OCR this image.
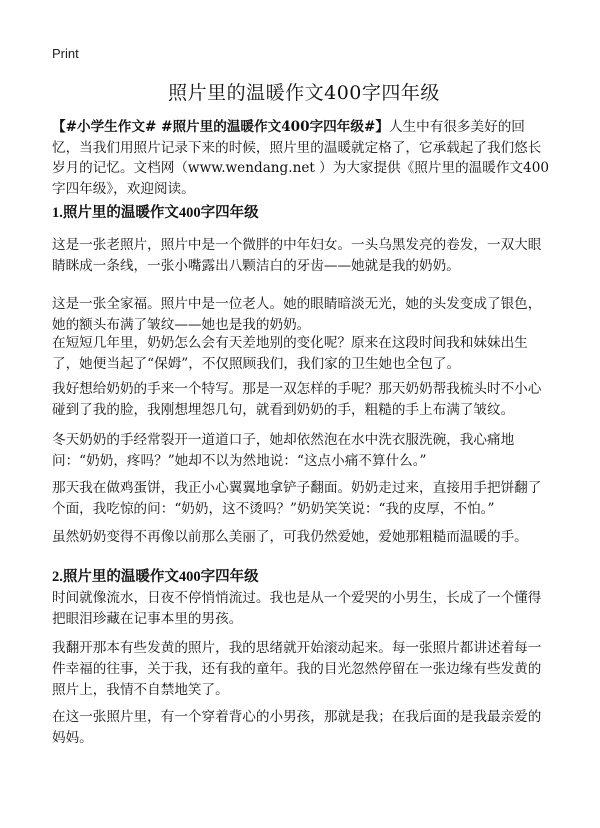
Print
照片里的温暖作文400字四年级

【#小学生作文# #照片里的温暖作文400字四年级#】人生中有很多美好的回忆，当我们用照片记录下来的时候，照片里的温暖就定格了，它承载起了我们悠长岁月的记忆。文档网（www.wendang.net ）为大家提供《照片里的温暖作文400字四年级》，欢迎阅读。

1.照片里的温暖作文400字四年级

这是一张老照片，照片中是一个微胖的中年妇女。一头乌黑发亮的卷发，一双大眼睛眯成一条线，一张小嘴露出八颗洁白的牙齿——她就是我的奶奶。

这是一张全家福。照片中是一位老人。她的眼睛暗淡无光，她的头发变成了银色，她的额头布满了皱纹——她也是我的奶奶。

在短短几年里，奶奶怎么会有天差地别的变化呢？原来在这段时间我和妹妹出生了，她便当起了“保姆”，不仅照顾我们，我们家的卫生她也全包了。

我好想给奶奶的手来一个特写。那是一双怎样的手呢？那天奶奶帮我梳头时不小心碰到了我的脸，我刚想埋怨几句，就看到奶奶的手，粗糙的手上布满了皱纹。

冬天奶奶的手经常裂开一道道口子，她却依然泡在水中洗衣服洗碗，我心痛地问：“奶奶，疼吗？”她却不以为然地说：“这点小痛不算什么。”

那天我在做鸡蛋饼，我正小心翼翼地拿铲子翻面。奶奶走过来，直接用手把饼翻了个面，我吃惊的问：“奶奶，这不烫吗？”奶奶笑笑说：“我的皮厚，不怕。”

虽然奶奶变得不再像以前那么美丽了，可我仍然爱她，爱她那粗糙而温暖的手。

2.照片里的温暖作文400字四年级

时间就像流水，日夜不停悄悄流过。我也是从一个爱哭的小男生，长成了一个懂得把眼泪珍藏在记事本里的男孩。

我翻开那本有些发黄的照片，我的思绪就开始滚动起来。每一张照片都讲述着每一件幸福的往事，关于我，还有我的童年。我的目光忽然停留在一张边缘有些发黄的照片上，我情不自禁地笑了。

在这一张照片里，有一个穿着背心的小男孩，那就是我；在我后面的是我最亲爱的妈妈。
